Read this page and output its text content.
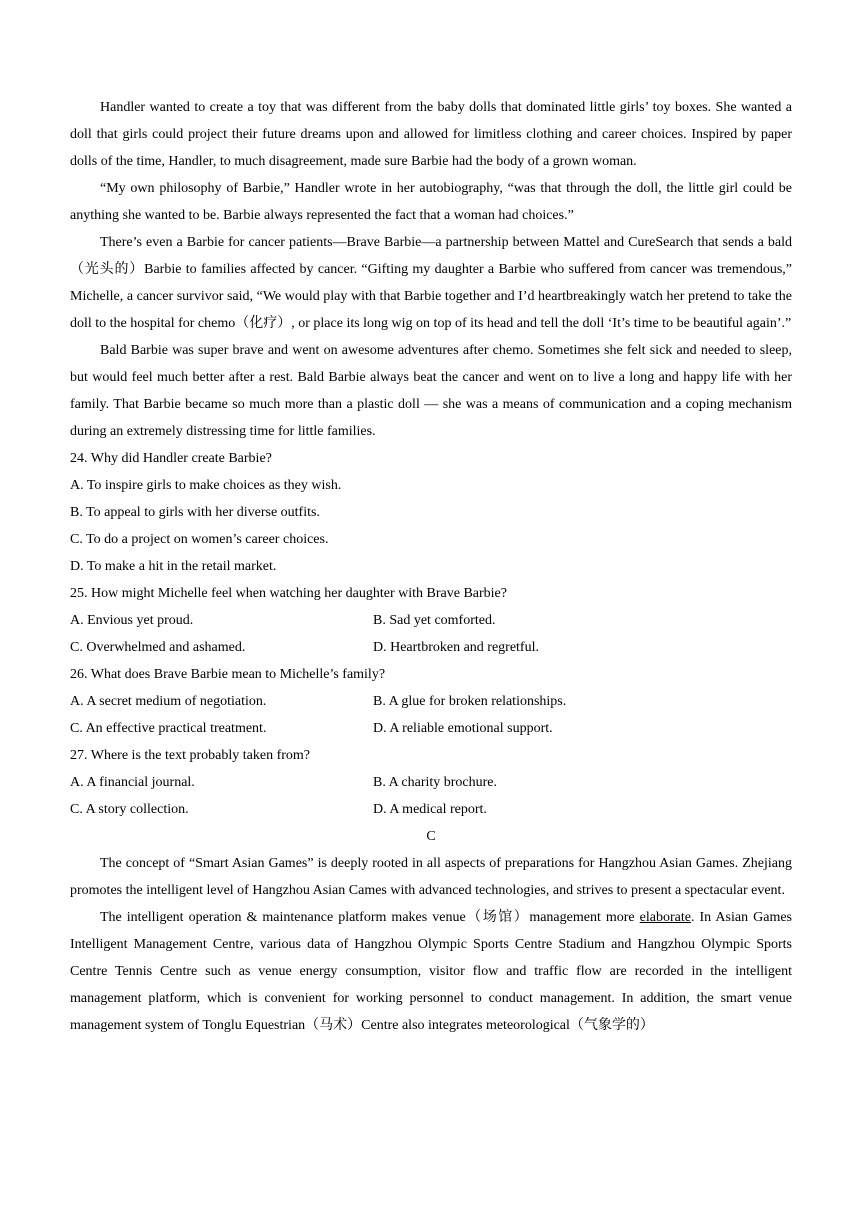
Handler wanted to create a toy that was different from the baby dolls that dominated little girls’ toy boxes. She wanted a doll that girls could project their future dreams upon and allowed for limitless clothing and career choices. Inspired by paper dolls of the time, Handler, to much disagreement, made sure Barbie had the body of a grown woman.

“My own philosophy of Barbie,” Handler wrote in her autobiography, “was that through the doll, the little girl could be anything she wanted to be. Barbie always represented the fact that a woman had choices.”

There’s even a Barbie for cancer patients—Brave Barbie—a partnership between Mattel and CureSearch that sends a bald（光头的）Barbie to families affected by cancer. “Gifting my daughter a Barbie who suffered from cancer was tremendous,” Michelle, a cancer survivor said, “We would play with that Barbie together and I’d heartbreakingly watch her pretend to take the doll to the hospital for chemo（化疗）, or place its long wig on top of its head and tell the doll ‘It’s time to be beautiful again’.”

Bald Barbie was super brave and went on awesome adventures after chemo. Sometimes she felt sick and needed to sleep, but would feel much better after a rest. Bald Barbie always beat the cancer and went on to live a long and happy life with her family. That Barbie became so much more than a plastic doll — she was a means of communication and a coping mechanism during an extremely distressing time for little families.

24. Why did Handler create Barbie?

A. To inspire girls to make choices as they wish.

B. To appeal to girls with her diverse outfits.

C. To do a project on women’s career choices.

D. To make a hit in the retail market.

25. How might Michelle feel when watching her daughter with Brave Barbie?

A. Envious yet proud.	B. Sad yet comforted.
C. Overwhelmed and ashamed.	D. Heartbroken and regretful.

26. What does Brave Barbie mean to Michelle’s family?

A. A secret medium of negotiation.	B. A glue for broken relationships.
C. An effective practical treatment.	D. A reliable emotional support.

27. Where is the text probably taken from?

A. A financial journal.	B. A charity brochure.
C. A story collection.	D. A medical report.

C

The concept of “Smart Asian Games” is deeply rooted in all aspects of preparations for Hangzhou Asian Games. Zhejiang promotes the intelligent level of Hangzhou Asian Cames with advanced technologies, and strives to present a spectacular event.

The intelligent operation & maintenance platform makes venue（场馆）management more elaborate. In Asian Games Intelligent Management Centre, various data of Hangzhou Olympic Sports Centre Stadium and Hangzhou Olympic Sports Centre Tennis Centre such as venue energy consumption, visitor flow and traffic flow are recorded in the intelligent management platform, which is convenient for working personnel to conduct management. In addition, the smart venue management system of Tonglu Equestrian（马术）Centre also integrates meteorological（气象学的）
